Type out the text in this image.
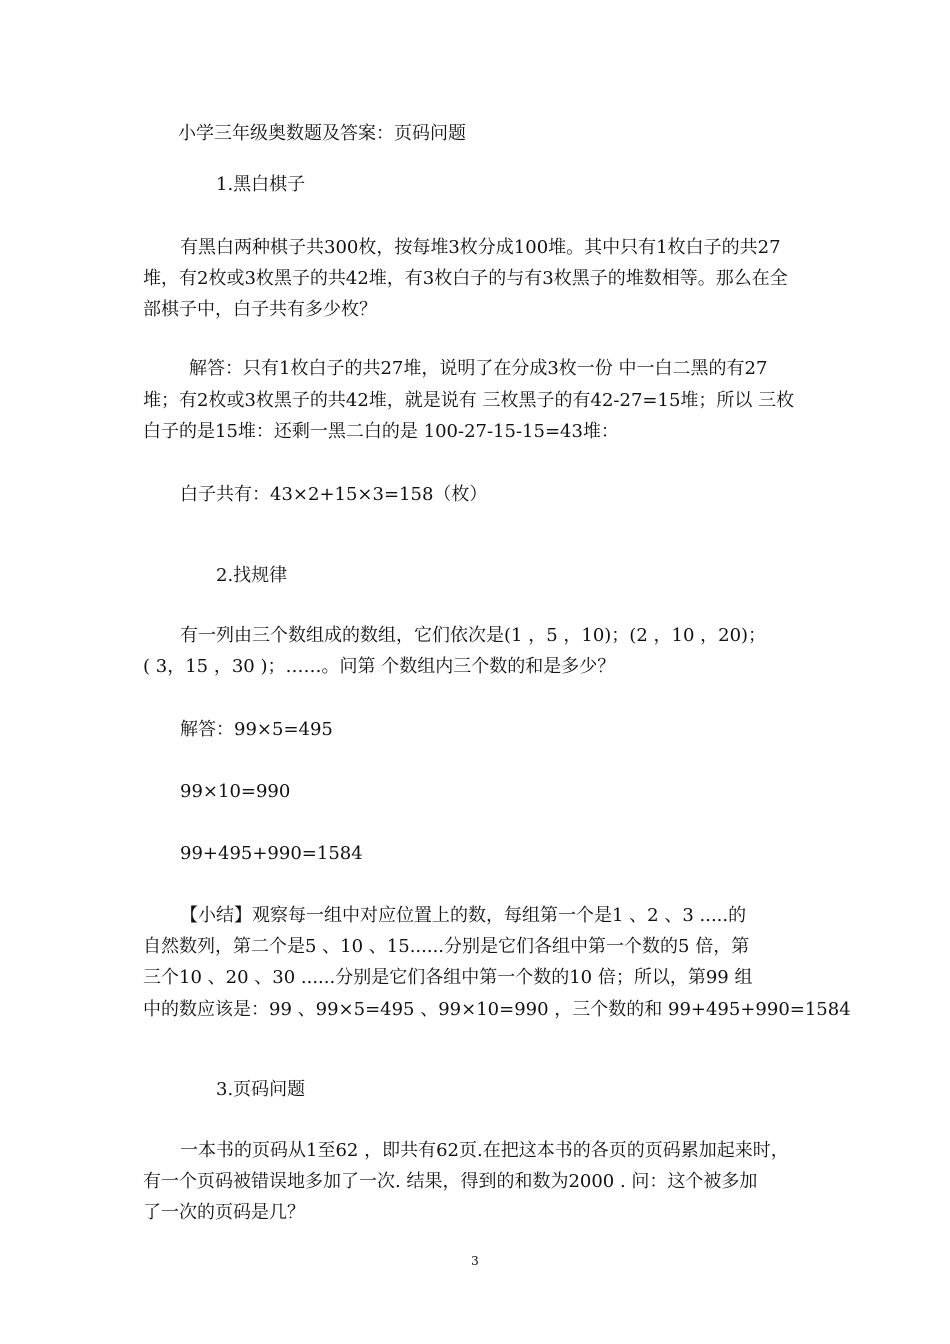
小学三年级奥数题及答案：页码问题
1.黑白棋子
有黑白两种棋子共300枚，按每堆3枚分成100堆。其中只有1枚白子的共27
堆，有2枚或3枚黑子的共42堆，有3枚白子的与有3枚黑子的堆数相等。那么在全
部棋子中，白子共有多少枚？
解答：只有1枚白子的共27堆，说明了在分成3枚一份 中一白二黑的有27
堆；有2枚或3枚黑子的共42堆，就是说有 三枚黑子的有42-27=15堆；所以 三枚
白子的是15堆：还剩一黑二白的是 100-27-15-15=43堆：
白子共有：43×2+15×3=158（枚）
2.找规律
有一列由三个数组成的数组，它们依次是(1 ，5 ，10)；(2 ，10 ，20)；
( 3，15 ，30 )；……。问第 个数组内三个数的和是多少？
解答：99×5=495
99×10=990
99+495+990=1584
【小结】观察每一组中对应位置上的数，每组第一个是1 、2 、3 .....的
自然数列，第二个是5 、10 、15......分别是它们各组中第一个数的5 倍，第
三个10 、20 、30 ......分别是它们各组中第一个数的10 倍；所以，第99 组
中的数应该是：99 、99×5=495 、99×10=990 ，三个数的和 99+495+990=1584
3.页码问题
一本书的页码从1至62 ，即共有62页.在把这本书的各页的页码累加起来时，
有一个页码被错误地多加了一次. 结果，得到的和数为2000 . 问：这个被多加
了一次的页码是几？
3
